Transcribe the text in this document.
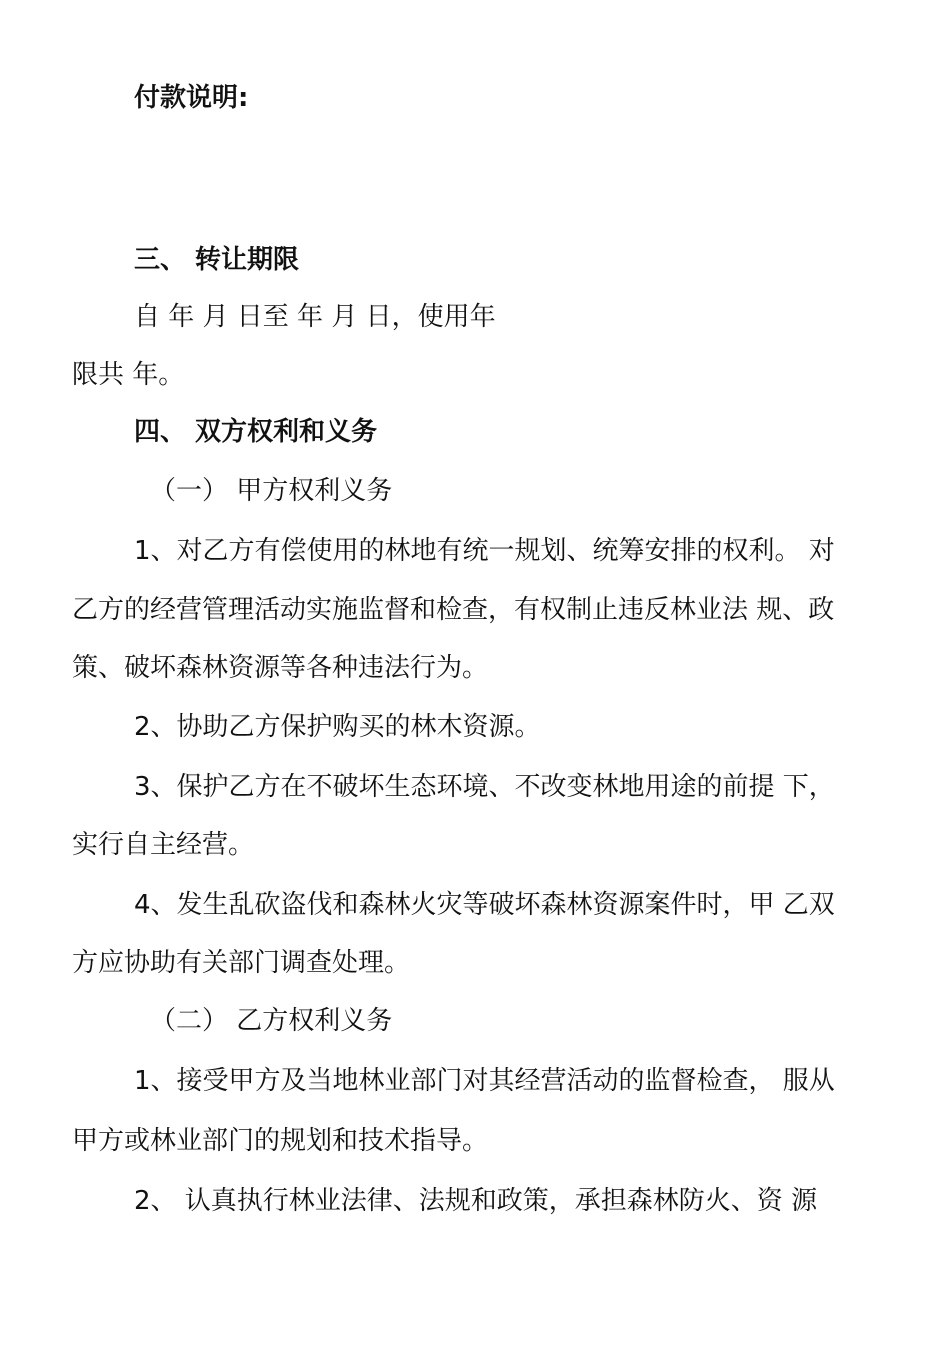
付款说明:
三、 转让期限
自 年 月 日至 年 月 日，使用年
限共 年。
四、 双方权利和义务
（一） 甲方权利义务
1、对乙方有偿使用的林地有统一规划、统筹安排的权利。 对
乙方的经营管理活动实施监督和检查，有权制止违反林业法 规、政
策、破坏森林资源等各种违法行为。
2、协助乙方保护购买的林木资源。
3、保护乙方在不破坏生态环境、不改变林地用途的前提 下，
实行自主经营。
4、发生乱砍盗伐和森林火灾等破坏森林资源案件时，甲 乙双
方应协助有关部门调查处理。
（二） 乙方权利义务
1、接受甲方及当地林业部门对其经营活动的监督检查， 服从
甲方或林业部门的规划和技术指导。
2、 认真执行林业法律、法规和政策，承担森林防火、资 源
